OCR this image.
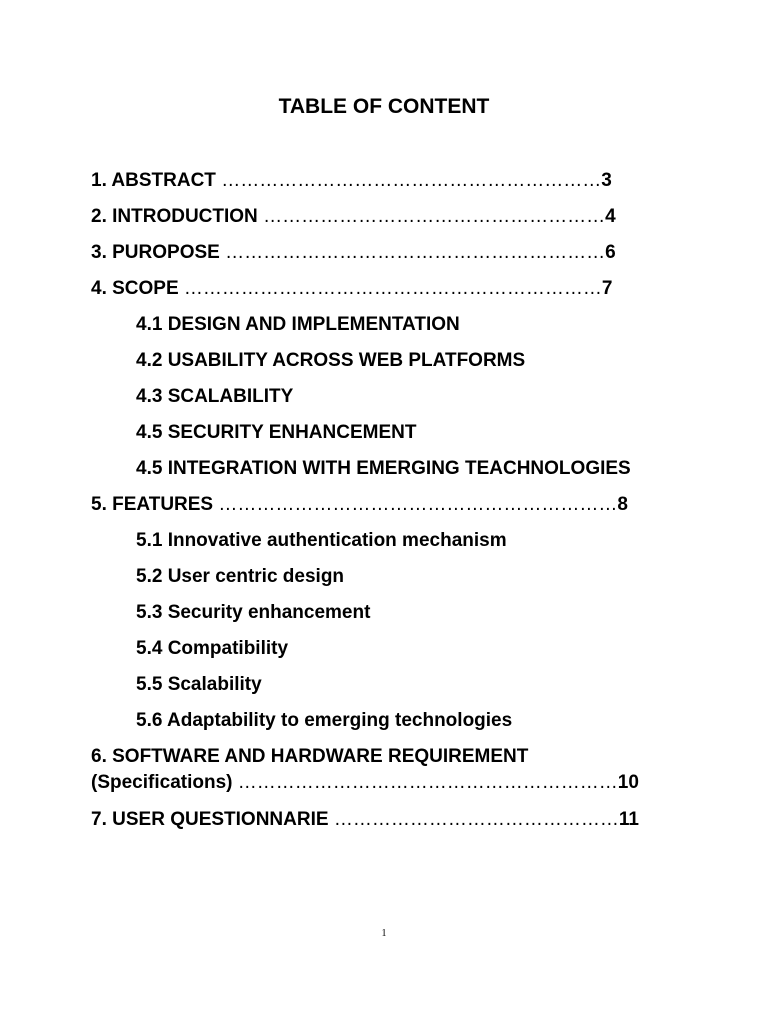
TABLE OF CONTENT
1. ABSTRACT ……………………………………………………3
2. INTRODUCTION ………………………………………………4
3. PUROPOSE ……………………………………………………6
4. SCOPE …………………………………………………………7
4.1 DESIGN AND IMPLEMENTATION
4.2 USABILITY ACROSS WEB PLATFORMS
4.3 SCALABILITY
4.5 SECURITY ENHANCEMENT
4.5 INTEGRATION WITH EMERGING TEACHNOLOGIES
5. FEATURES ………………………………………………………8
5.1 Innovative authentication mechanism
5.2 User centric design
5.3 Security enhancement
5.4 Compatibility
5.5 Scalability
5.6 Adaptability to emerging technologies
6. SOFTWARE AND HARDWARE REQUIREMENT
(Specifications) ……………………………………………………10
7. USER QUESTIONNARIE ………………………………………11
1
